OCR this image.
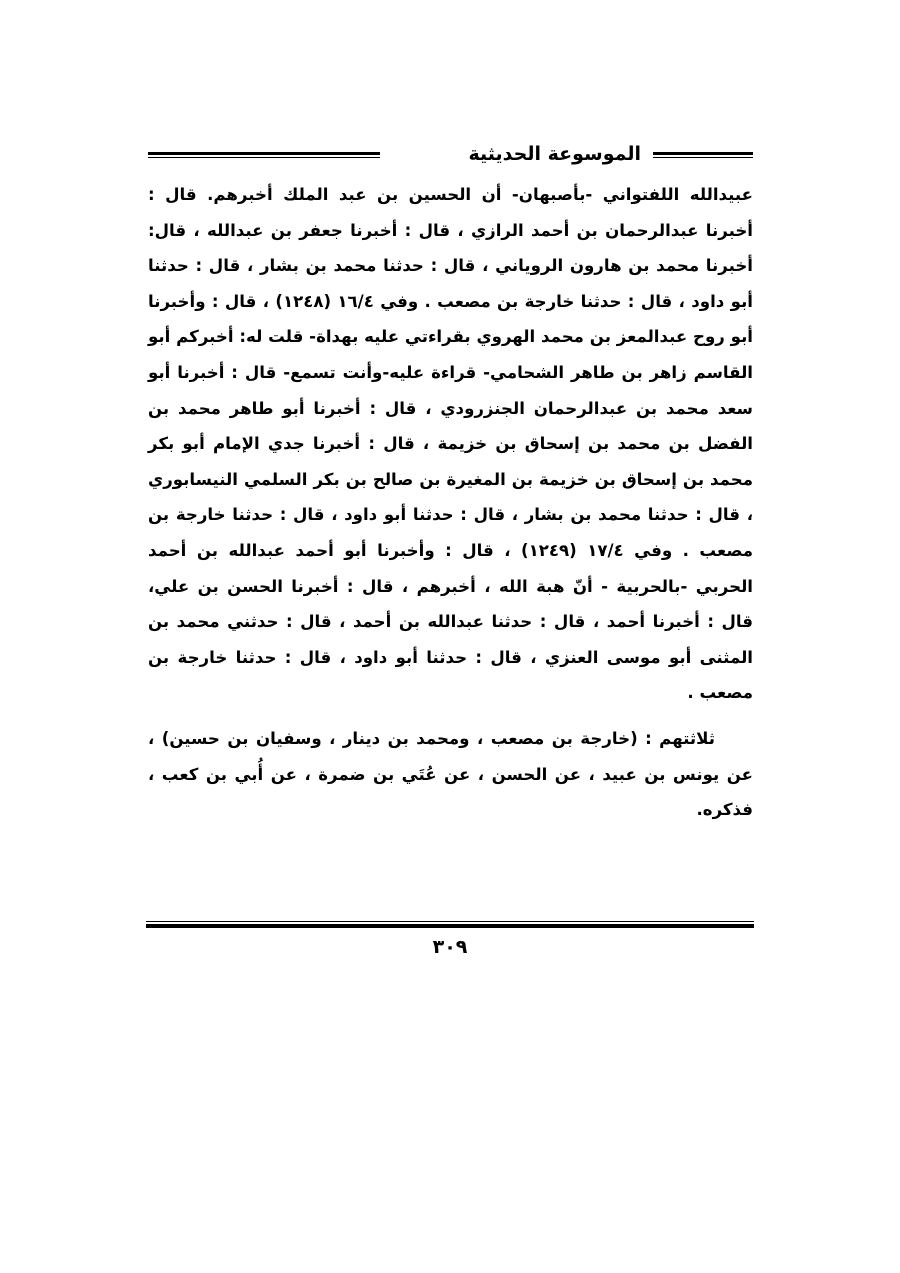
الموسوعة الحديثية

عبيدالله اللفتواني -بأصبهان- أن الحسين بن عبد الملك أخبرهم. قال : أخبرنا عبدالرحمان بن أحمد الرازي ، قال : أخبرنا جعفر بن عبدالله ، قال: أخبرنا محمد بن هارون الروياني ، قال : حدثنا محمد بن بشار ، قال : حدثنا أبو داود ، قال : حدثنا خارجة بن مصعب . وفي ١٦/٤ (١٢٤٨) ، قال : وأخبرنا أبو روح عبدالمعز بن محمد الهروي بقراءتي عليه بهداة- قلت له: أخبركم أبو القاسم زاهر بن طاهر الشحامي- قراءة عليه-وأنت تسمع- قال : أخبرنا أبو سعد محمد بن عبدالرحمان الجنزرودي ، قال : أخبرنا أبو طاهر محمد بن الفضل بن محمد بن إسحاق بن خزيمة ، قال : أخبرنا جدي الإمام أبو بكر محمد بن إسحاق بن خزيمة بن المغيرة بن صالح بن بكر السلمي النيسابوري ، قال : حدثنا محمد بن بشار ، قال : حدثنا أبو داود ، قال : حدثنا خارجة بن مصعب . وفي ١٧/٤ (١٢٤٩) ، قال : وأخبرنا أبو أحمد عبدالله بن أحمد الحربي -بالحربية - أنّ هبة الله ، أخبرهم ، قال : أخبرنا الحسن بن علي، قال : أخبرنا أحمد ، قال : حدثنا عبدالله بن أحمد ، قال : حدثني محمد بن المثنى أبو موسى العنزي ، قال : حدثنا أبو داود ، قال : حدثنا خارجة بن مصعب .

ثلاثتهم : (خارجة بن مصعب ، ومحمد بن دينار ، وسفيان بن حسين) ، عن يونس بن عبيد ، عن الحسن ، عن عُتَي بن ضمرة ، عن أُبي بن كعب ، فذكره.

٣٠٩
